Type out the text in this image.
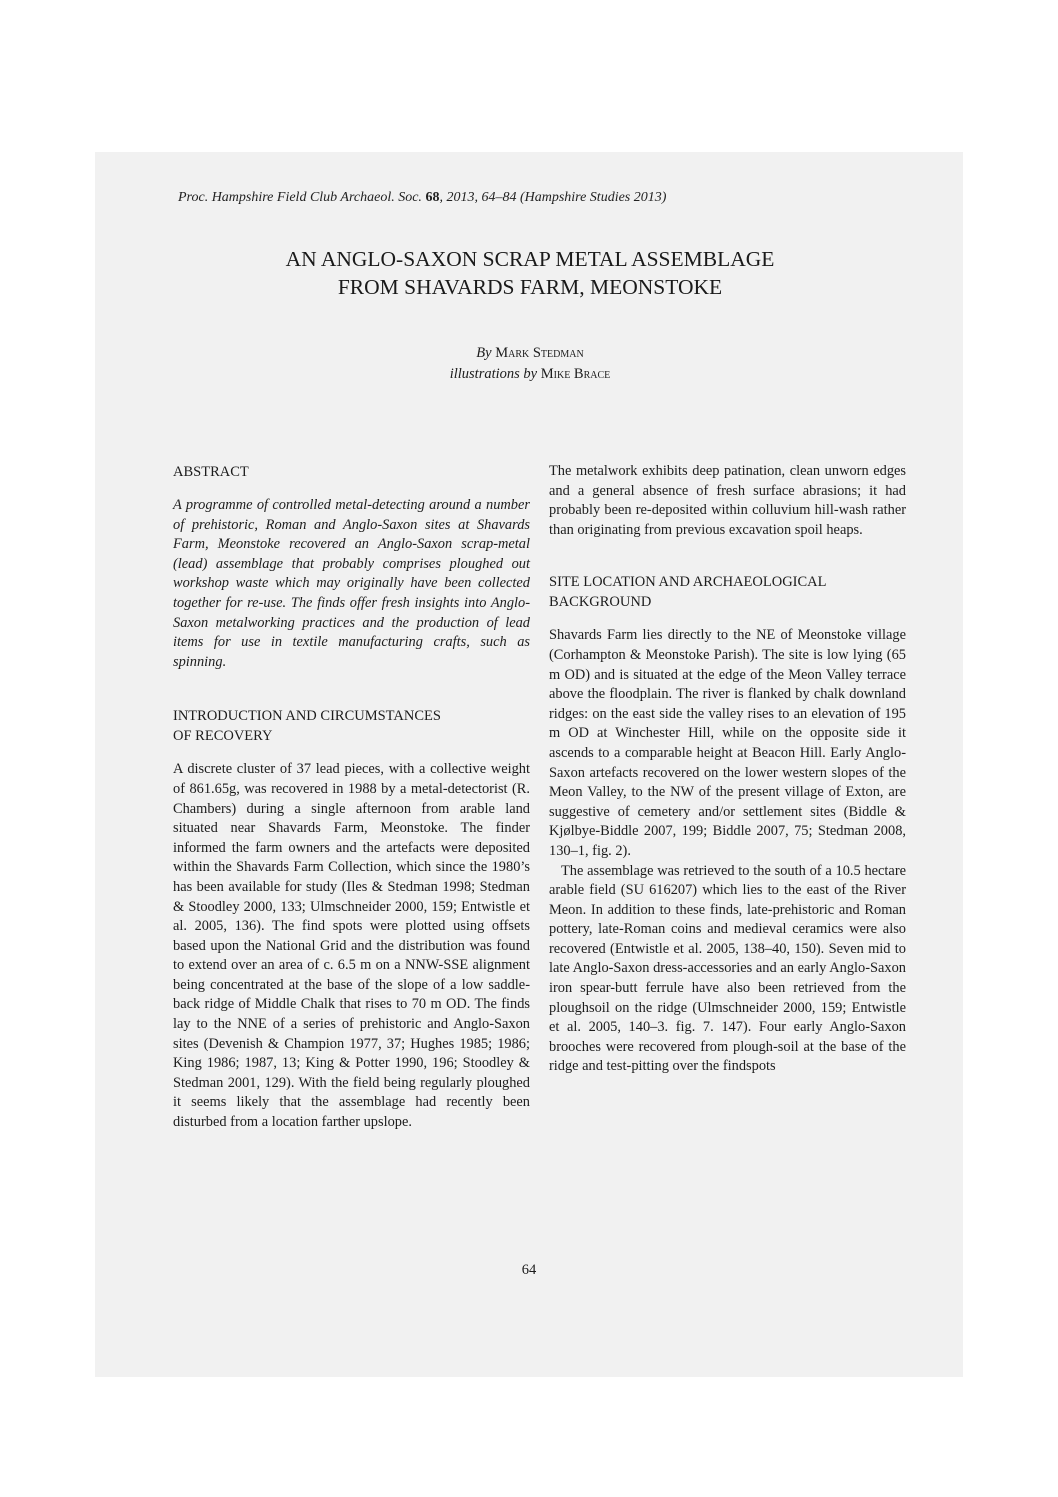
Proc. Hampshire Field Club Archaeol. Soc. 68, 2013, 64–84 (Hampshire Studies 2013)
AN ANGLO-SAXON SCRAP METAL ASSEMBLAGE
FROM SHAVARDS FARM, MEONSTOKE
By Mark Stedman
illustrations by Mike Brace
ABSTRACT

A programme of controlled metal-detecting around a number of prehistoric, Roman and Anglo-Saxon sites at Shavards Farm, Meonstoke recovered an Anglo-Saxon scrap-metal (lead) assemblage that probably comprises ploughed out workshop waste which may originally have been collected together for re-use. The finds offer fresh insights into Anglo-Saxon metalworking practices and the production of lead items for use in textile manufacturing crafts, such as spinning.

INTRODUCTION AND CIRCUMSTANCES
OF RECOVERY

A discrete cluster of 37 lead pieces, with a collective weight of 861.65g, was recovered in 1988 by a metal-detectorist (R. Chambers) during a single afternoon from arable land situated near Shavards Farm, Meonstoke. The finder informed the farm owners and the artefacts were deposited within the Shavards Farm Collection, which since the 1980’s has been available for study (Iles & Stedman 1998; Stedman & Stoodley 2000, 133; Ulmschneider 2000, 159; Entwistle et al. 2005, 136). The find spots were plotted using offsets based upon the National Grid and the distribution was found to extend over an area of c. 6.5 m on a NNW-SSE alignment being concentrated at the base of the slope of a low saddle-back ridge of Middle Chalk that rises to 70 m OD. The finds lay to the NNE of a series of prehistoric and Anglo-Saxon sites (Devenish & Champion 1977, 37; Hughes 1985; 1986; King 1986; 1987, 13; King & Potter 1990, 196; Stoodley & Stedman 2001, 129). With the field being regularly ploughed it seems likely that the assemblage had recently been disturbed from a location farther upslope.

The metalwork exhibits deep patination, clean unworn edges and a general absence of fresh surface abrasions; it had probably been re-deposited within colluvium hill-wash rather than originating from previous excavation spoil heaps.

SITE LOCATION AND ARCHAEOLOGICAL
BACKGROUND

Shavards Farm lies directly to the NE of Meonstoke village (Corhampton & Meonstoke Parish). The site is low lying (65 m OD) and is situated at the edge of the Meon Valley terrace above the floodplain. The river is flanked by chalk downland ridges: on the east side the valley rises to an elevation of 195 m OD at Winchester Hill, while on the opposite side it ascends to a comparable height at Beacon Hill. Early Anglo-Saxon artefacts recovered on the lower western slopes of the Meon Valley, to the NW of the present village of Exton, are suggestive of cemetery and/or settlement sites (Biddle & Kjølbye-Biddle 2007, 199; Biddle 2007, 75; Stedman 2008, 130–1, fig. 2).

The assemblage was retrieved to the south of a 10.5 hectare arable field (SU 616207) which lies to the east of the River Meon. In addition to these finds, late-prehistoric and Roman pottery, late-Roman coins and medieval ceramics were also recovered (Entwistle et al. 2005, 138–40, 150). Seven mid to late Anglo-Saxon dress-accessories and an early Anglo-Saxon iron spear-butt ferrule have also been retrieved from the ploughsoil on the ridge (Ulmschneider 2000, 159; Entwistle et al. 2005, 140–3. fig. 7. 147). Four early Anglo-Saxon brooches were recovered from plough-soil at the base of the ridge and test-pitting over the findspots

64
